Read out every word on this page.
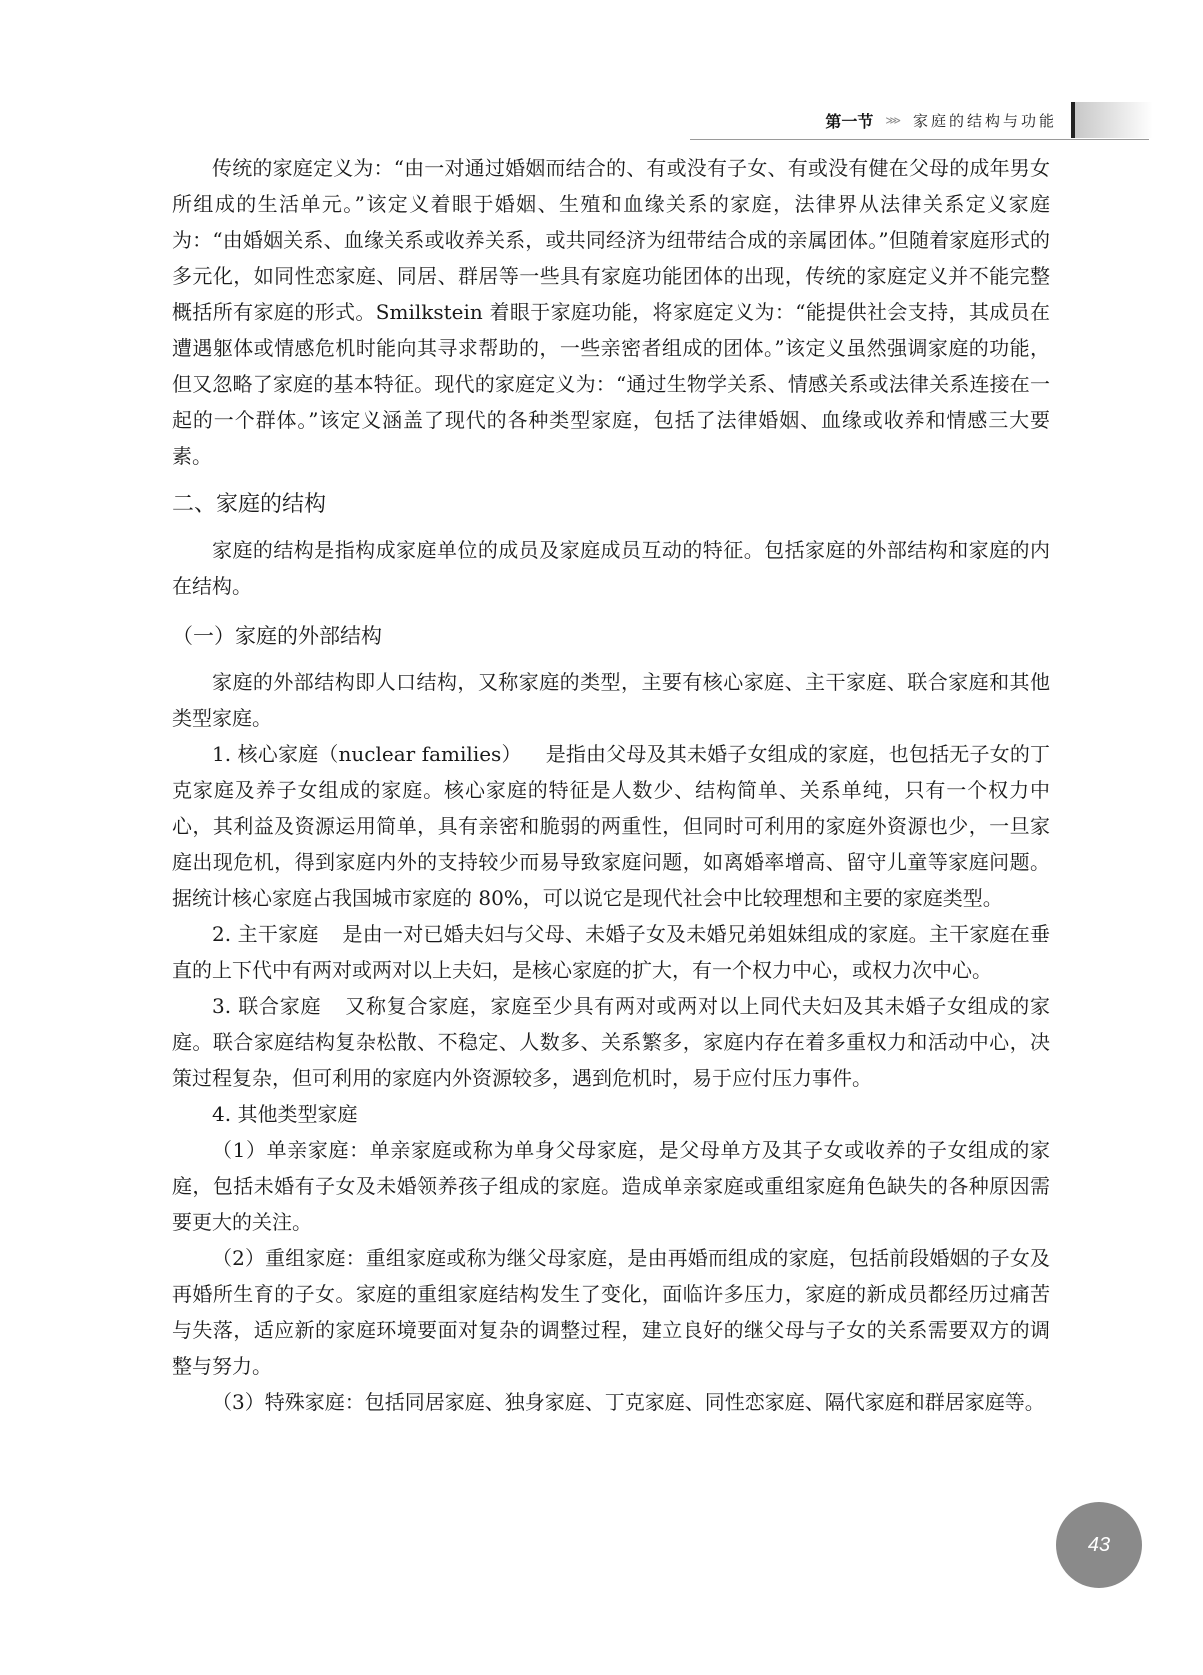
第一节 ⋙ 家庭的结构与功能

传统的家庭定义为：“由一对通过婚姻而结合的、有或没有子女、有或没有健在父母的成年男女所组成的生活单元。”该定义着眼于婚姻、生殖和血缘关系的家庭，法律界从法律关系定义家庭为：“由婚姻关系、血缘关系或收养关系，或共同经济为纽带结合成的亲属团体。”但随着家庭形式的多元化，如同性恋家庭、同居、群居等一些具有家庭功能团体的出现，传统的家庭定义并不能完整概括所有家庭的形式。Smilkstein 着眼于家庭功能，将家庭定义为：“能提供社会支持，其成员在遭遇躯体或情感危机时能向其寻求帮助的，一些亲密者组成的团体。”该定义虽然强调家庭的功能，但又忽略了家庭的基本特征。现代的家庭定义为：“通过生物学关系、情感关系或法律关系连接在一起的一个群体。”该定义涵盖了现代的各种类型家庭，包括了法律婚姻、血缘或收养和情感三大要素。

二、家庭的结构

家庭的结构是指构成家庭单位的成员及家庭成员互动的特征。包括家庭的外部结构和家庭的内在结构。

（一）家庭的外部结构

家庭的外部结构即人口结构，又称家庭的类型，主要有核心家庭、主干家庭、联合家庭和其他类型家庭。

1. 核心家庭（nuclear families） 是指由父母及其未婚子女组成的家庭，也包括无子女的丁克家庭及养子女组成的家庭。核心家庭的特征是人数少、结构简单、关系单纯，只有一个权力中心，其利益及资源运用简单，具有亲密和脆弱的两重性，但同时可利用的家庭外资源也少，一旦家庭出现危机，得到家庭内外的支持较少而易导致家庭问题，如离婚率增高、留守儿童等家庭问题。据统计核心家庭占我国城市家庭的 80%，可以说它是现代社会中比较理想和主要的家庭类型。

2. 主干家庭 是由一对已婚夫妇与父母、未婚子女及未婚兄弟姐妹组成的家庭。主干家庭在垂直的上下代中有两对或两对以上夫妇，是核心家庭的扩大，有一个权力中心，或权力次中心。

3. 联合家庭 又称复合家庭，家庭至少具有两对或两对以上同代夫妇及其未婚子女组成的家庭。联合家庭结构复杂松散、不稳定、人数多、关系繁多，家庭内存在着多重权力和活动中心，决策过程复杂，但可利用的家庭内外资源较多，遇到危机时，易于应付压力事件。

4. 其他类型家庭

（1）单亲家庭：单亲家庭或称为单身父母家庭，是父母单方及其子女或收养的子女组成的家庭，包括未婚有子女及未婚领养孩子组成的家庭。造成单亲家庭或重组家庭角色缺失的各种原因需要更大的关注。

（2）重组家庭：重组家庭或称为继父母家庭，是由再婚而组成的家庭，包括前段婚姻的子女及再婚所生育的子女。家庭的重组家庭结构发生了变化，面临许多压力，家庭的新成员都经历过痛苦与失落，适应新的家庭环境要面对复杂的调整过程，建立良好的继父母与子女的关系需要双方的调整与努力。

（3）特殊家庭：包括同居家庭、独身家庭、丁克家庭、同性恋家庭、隔代家庭和群居家庭等。

43
